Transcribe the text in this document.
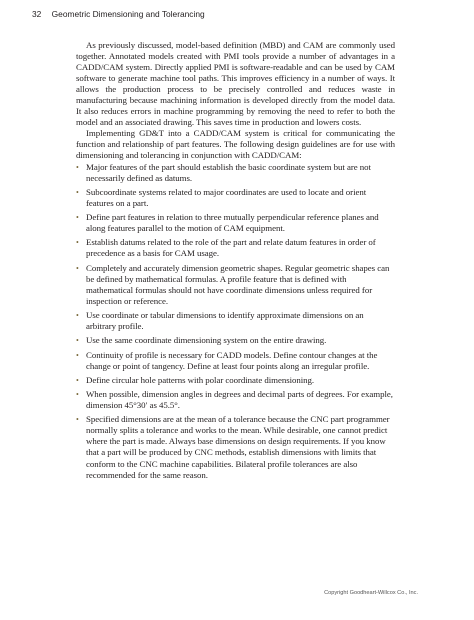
32 Geometric Dimensioning and Tolerancing

As previously discussed, model-based definition (MBD) and CAM are commonly used together. Annotated models created with PMI tools provide a number of advantages in a CADD/CAM system. Directly applied PMI is software-readable and can be used by CAM software to generate machine tool paths. This improves efficiency in a number of ways. It allows the production process to be precisely controlled and reduces waste in manufacturing because machining information is developed directly from the model data. It also reduces errors in machine programming by removing the need to refer to both the model and an associated drawing. This saves time in production and lowers costs.

Implementing GD&T into a CADD/CAM system is critical for communicating the function and relationship of part features. The following design guidelines are for use with dimensioning and tolerancing in conjunction with CADD/CAM:

• Major features of the part should establish the basic coordinate system but are not necessarily defined as datums.
• Subcoordinate systems related to major coordinates are used to locate and orient features on a part.
• Define part features in relation to three mutually perpendicular reference planes and along features parallel to the motion of CAM equipment.
• Establish datums related to the role of the part and relate datum features in order of precedence as a basis for CAM usage.
• Completely and accurately dimension geometric shapes. Regular geometric shapes can be defined by mathematical formulas. A profile feature that is defined with mathematical formulas should not have coordinate dimensions unless required for inspection or reference.
• Use coordinate or tabular dimensions to identify approximate dimensions on an arbitrary profile.
• Use the same coordinate dimensioning system on the entire drawing.
• Continuity of profile is necessary for CADD models. Define contour changes at the change or point of tangency. Define at least four points along an irregular profile.
• Define circular hole patterns with polar coordinate dimensioning.
• When possible, dimension angles in degrees and decimal parts of degrees. For example, dimension 45°30′ as 45.5°.
• Specified dimensions are at the mean of a tolerance because the CNC part programmer normally splits a tolerance and works to the mean. While desirable, one cannot predict where the part is made. Always base dimensions on design requirements. If you know that a part will be produced by CNC methods, establish dimensions with limits that conform to the CNC machine capabilities. Bilateral profile tolerances are also recommended for the same reason.
Copyright Goodheart-Willcox Co., Inc.
